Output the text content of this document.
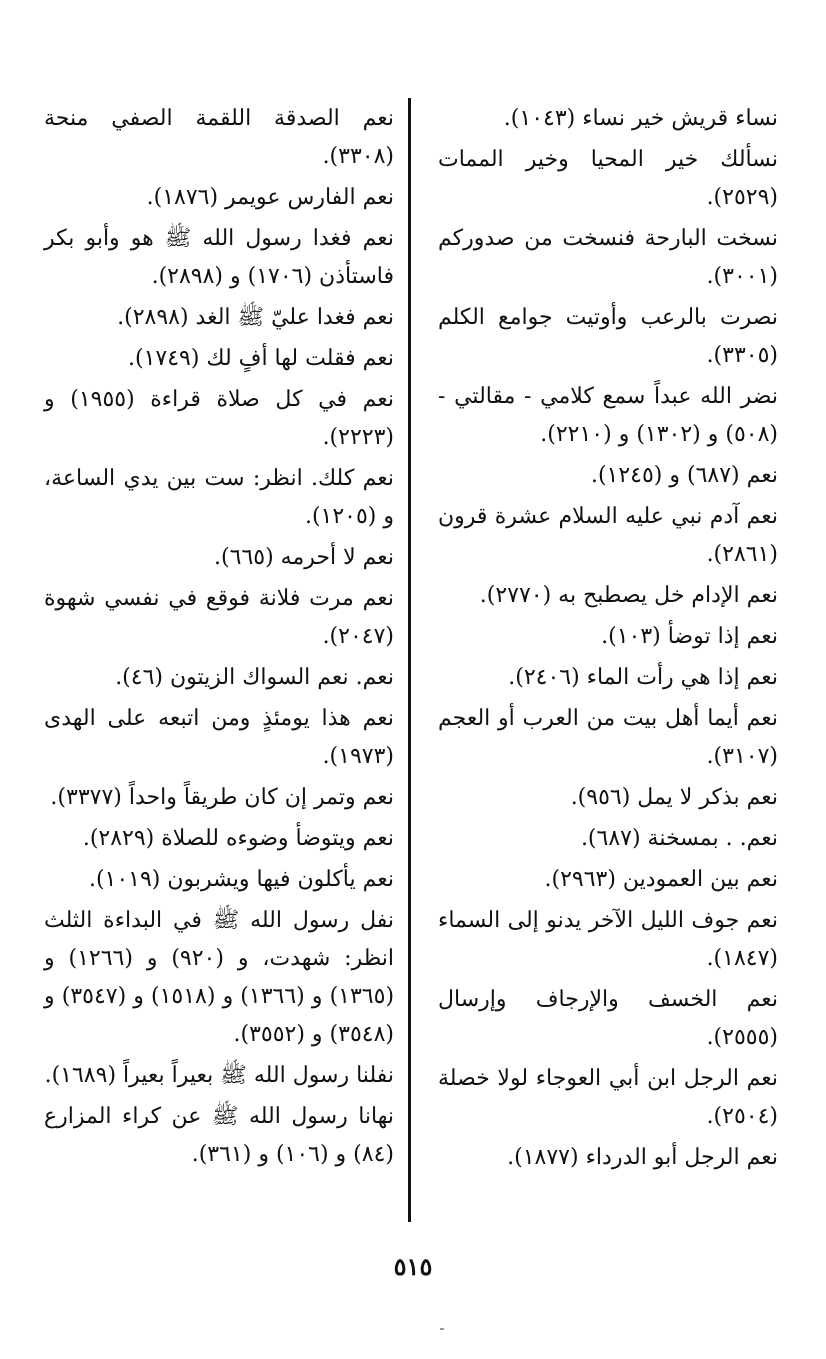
نساء قريش خير نساء (١٠٤٣).
نسألك خير المحيا وخير الممات (٢٥٢٩).
نسخت البارحة فنسخت من صدوركم (٣٠٠١).
نصرت بالرعب وأوتيت جوامع الكلم (٣٣٠٥).
نضر الله عبداً سمع كلامي - مقالتي - (٥٠٨) و (١٣٠٢) و (٢٢١٠).
نعم (٦٨٧) و (١٢٤٥).
نعم آدم نبي عليه السلام عشرة قرون (٢٨٦١).
نعم الإدام خل يصطبح به (٢٧٧٠).
نعم إذا توضأ (١٠٣).
نعم إذا هي رأت الماء (٢٤٠٦).
نعم أيما أهل بيت من العرب أو العجم (٣١٠٧).
نعم بذكر لا يمل (٩٥٦).
نعم. . بمسخنة (٦٨٧).
نعم بين العمودين (٢٩٦٣).
نعم جوف الليل الآخر يدنو إلى السماء (١٨٤٧).
نعم الخسف والإرجاف وإرسال (٢٥٥٥).
نعم الرجل ابن أبي العوجاء لولا خصلة (٢٥٠٤).
نعم الرجل أبو الدرداء (١٨٧٧).
نعم الصدقة اللقمة الصفي منحة (٣٣٠٨).
نعم الفارس عويمر (١٨٧٦).
نعم فغدا رسول الله ﷺ هو وأبو بكر فاستأذن (١٧٠٦) و (٢٨٩٨).
نعم فغدا عليّ ﷺ الغد (٢٨٩٨).
نعم فقلت لها أفٍ لك (١٧٤٩).
نعم في كل صلاة قراءة (١٩٥٥) و (٢٢٢٣).
نعم كلك. انظر: ست بين يدي الساعة، و (١٢٠٥).
نعم لا أحرمه (٦٦٥).
نعم مرت فلانة فوقع في نفسي شهوة (٢٠٤٧).
نعم. نعم السواك الزيتون (٤٦).
نعم هذا يومئذٍ ومن اتبعه على الهدى (١٩٧٣).
نعم وتمر إن كان طريقاً واحداً (٣٣٧٧).
نعم ويتوضأ وضوءه للصلاة (٢٨٢٩).
نعم يأكلون فيها ويشربون (١٠١٩).
نفل رسول الله ﷺ في البداءة الثلث انظر: شهدت، و (٩٢٠) و (١٢٦٦) و (١٣٦٥) و (١٣٦٦) و (١٥١٨) و (٣٥٤٧) و (٣٥٤٨) و (٣٥٥٢).
نفلنا رسول الله ﷺ بعيراً بعيراً (١٦٨٩).
نهانا رسول الله ﷺ عن كراء المزارع (٨٤) و (١٠٦) و (٣٦١).
٥١٥
